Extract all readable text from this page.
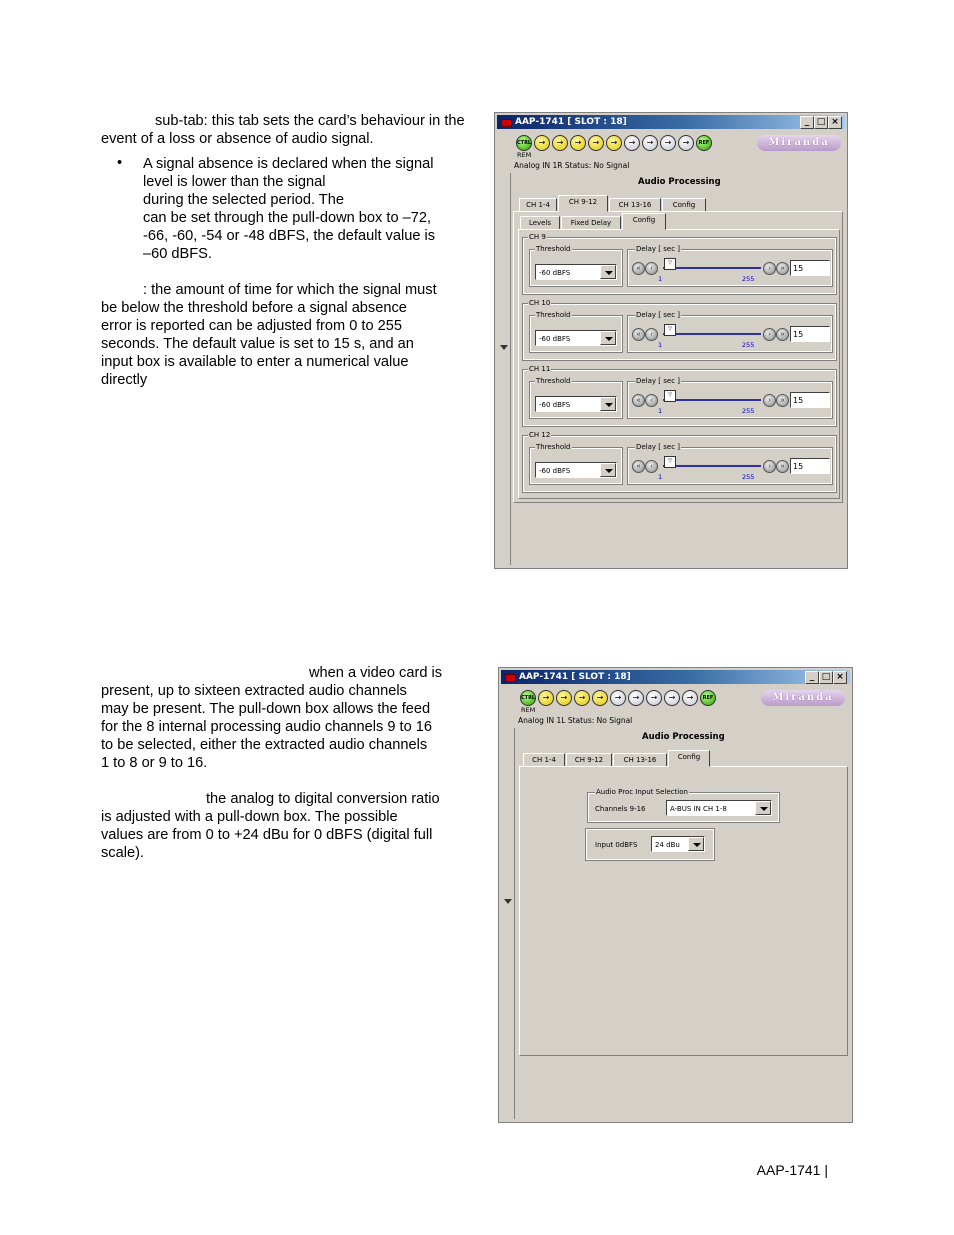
sub-tab: this tab sets the card’s behaviour in the event of a loss or absence of audio signal.

• A signal absence is declared when the signal

level is lower than the signal

during the selected period. The

can be set through the pull-down box to –72,

-66, -60, -54 or -48 dBFS, the default value is

–60 dBFS.

: the amount of time for which the signal must

be below the threshold before a signal absence

error is reported can be adjusted from 0 to 255

seconds. The default value is set to 15 s, and an

input box is available to enter a numerical value

directly

when a video card is

present, up to sixteen extracted audio channels

may be present. The pull-down box allows the feed

for the 8 internal processing audio channels 9 to 16

to be selected, either the extracted audio channels

1 to 8 or 9 to 16.

the analog to digital conversion ratio

is adjusted with a pull-down box. The possible

values are from 0 to +24 dBu for 0 dBFS (digital full

scale).

AAP-1741 [ SLOT : 18]	_ □ ×
CTRL →	→	→	→	→	→	→	→	→	REF
REM
Miranda
Analog IN 1R Status: No Signal
Audio Processing
CH 1-4	CH 9-12	CH 13-16	Config
Levels	Fixed Delay	Config
CH 9
Threshold
-60 dBFS
Delay [ sec ]
«	‹
▽
1	255
›	»	15
CH 10
Threshold
-60 dBFS
Delay [ sec ]
«	‹
▽
1	255
›	»	15
CH 11
Threshold
-60 dBFS
Delay [ sec ]
«	‹
▽
1	255
›	»	15
CH 12
Threshold
-60 dBFS
Delay [ sec ]
«	‹
▽
1	255
›	»	15
AAP-1741 [ SLOT : 18]	_ □ ×
CTRL →	→	→	→	→	→	→	→	→	REF
REM
Miranda
Analog IN 1L Status: No Signal
Audio Processing
CH 1-4	CH 9-12	CH 13-16	Config
Audio Proc Input Selection
Channels 9-16	A-BUS IN CH 1-8
Input 0dBFS	24 dBu
AAP-1741 |
